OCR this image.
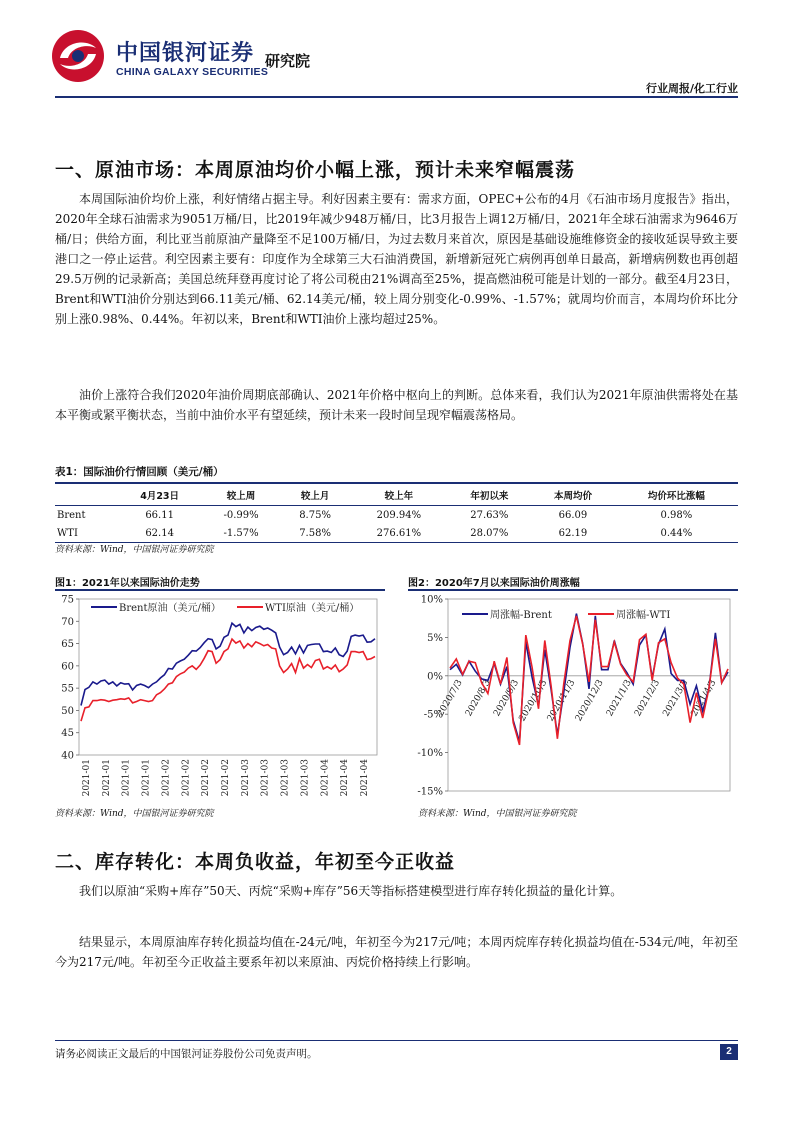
中国银河证券
CHINA GALAXY SECURITIES
研究院
行业周报/化工行业
一、原油市场：本周原油均价小幅上涨，预计未来窄幅震荡

本周国际油价均价上涨，利好情绪占据主导。利好因素主要有：需求方面，OPEC+公布的4月《石油市场月度报告》指出，2020年全球石油需求为9051万桶/日，比2019年减少948万桶/日，比3月报告上调12万桶/日，2021年全球石油需求为9646万桶/日；供给方面，利比亚当前原油产量降至不足100万桶/日，为过去数月来首次，原因是基础设施维修资金的接收延误导致主要港口之一停止运营。利空因素主要有：印度作为全球第三大石油消费国，新增新冠死亡病例再创单日最高，新增病例数也再创超29.5万例的记录新高；美国总统拜登再度讨论了将公司税由21%调高至25%，提高燃油税可能是计划的一部分。截至4月23日，Brent和WTI油价分别达到66.11美元/桶、62.14美元/桶，较上周分别变化-0.99%、-1.57%；就周均价而言，本周均价环比分别上涨0.98%、0.44%。年初以来，Brent和WTI油价上涨均超过25%。

油价上涨符合我们2020年油价周期底部确认、2021年价格中枢向上的判断。总体来看，我们认为2021年原油供需将处在基本平衡或紧平衡状态，当前中油价水平有望延续，预计未来一段时间呈现窄幅震荡格局。

表1：国际油价行情回顾（美元/桶）
	4月23日	较上周	较上月	较上年	年初以来	本周均价	均价环比涨幅
Brent	66.11	-0.99%	8.75%	209.94%	27.63%	66.09	0.98%
WTI	62.14	-1.57%	7.58%	276.61%	28.07%	62.19	0.44%
资料来源：Wind，中国银河证券研究院
图1：2021年以来国际油价走势
40
45
50
55
60
65
70
75
2021-01 2021-01 2021-01 2021-01 2021-02 2021-02 2021-02 2021-02 2021-03 2021-03 2021-03 2021-03 2021-04 2021-04 2021-04
Brent原油（美元/桶）	WTI原油（美元/桶）
资料来源：Wind，中国银河证券研究院
图2：2020年7月以来国际油价周涨幅
-15%
-10%
-5%
0%
5%
10%
2020/7/3 2020/8/3 2020/9/3
2020/10/3
2020/11/3
2020/12/3 2021/1/3 2021/2/3 2021/3/3 2021/4/3
周涨幅-Brent	周涨幅-WTI
资料来源：Wind，中国银河证券研究院
二、库存转化：本周负收益，年初至今正收益

我们以原油“采购+库存”50天、丙烷“采购+库存”56天等指标搭建模型进行库存转化损益的量化计算。

结果显示，本周原油库存转化损益均值在-24元/吨，年初至今为217元/吨；本周丙烷库存转化损益均值在-534元/吨，年初至今为217元/吨。年初至今正收益主要系年初以来原油、丙烷价格持续上行影响。

请务必阅读正文最后的中国银河证券股份公司免责声明。	2
